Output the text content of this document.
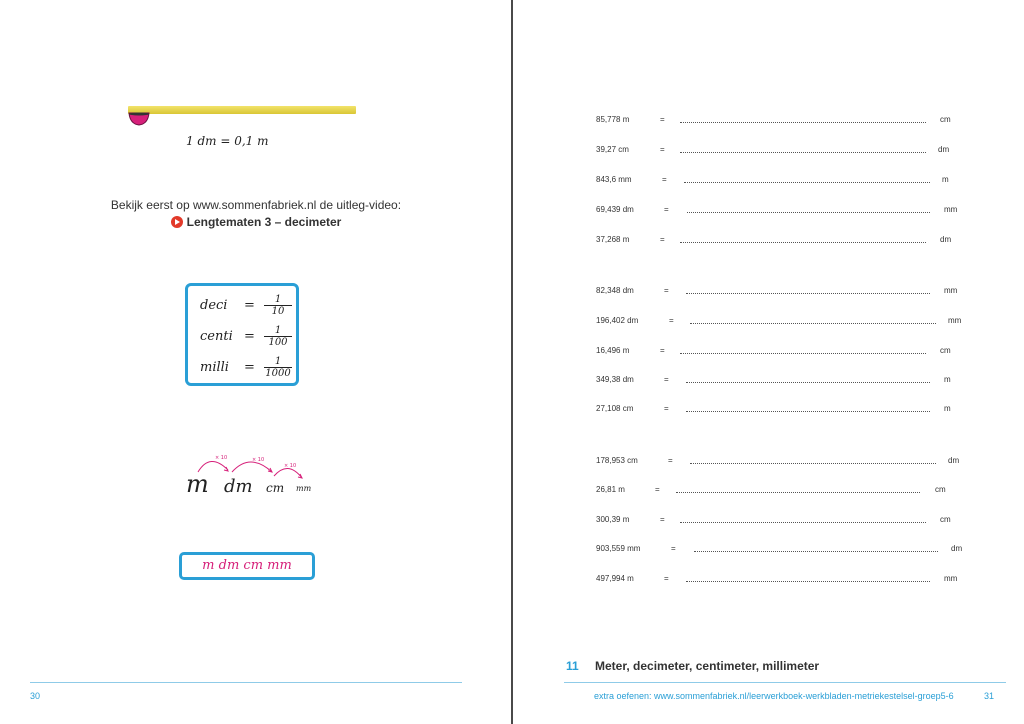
1 dm = 0,1 m
Bekijk eerst op www.sommenfabriek.nl de uitleg-video:
Lengtematen 3 – decimeter
deci = $\frac{1}{10}$
centi = $\frac{1}{100}$
milli = $\frac{1}{1000}$
× 10	× 10
× 10
m dm cm mm
m dm cm mm
30
85,778 m	=	cm
39,27 cm	=	dm
843,6 mm	=	m
69,439 dm	=	mm
37,268 m	=	dm
82,348 dm	=	mm
196,402 dm	=	mm
16,496 m	=	cm
349,38 dm	=	m
27,108 cm	=	m
178,953 cm	=	dm
26,81 m	=	cm
300,39 m	=	cm
903,559 mm	=	dm
497,994 m	=	mm
11 Meter, decimeter, centimeter, millimeter
extra oefenen: www.sommenfabriek.nl/leerwerkboek-werkbladen-metriekestelsel-groep5-6	31
